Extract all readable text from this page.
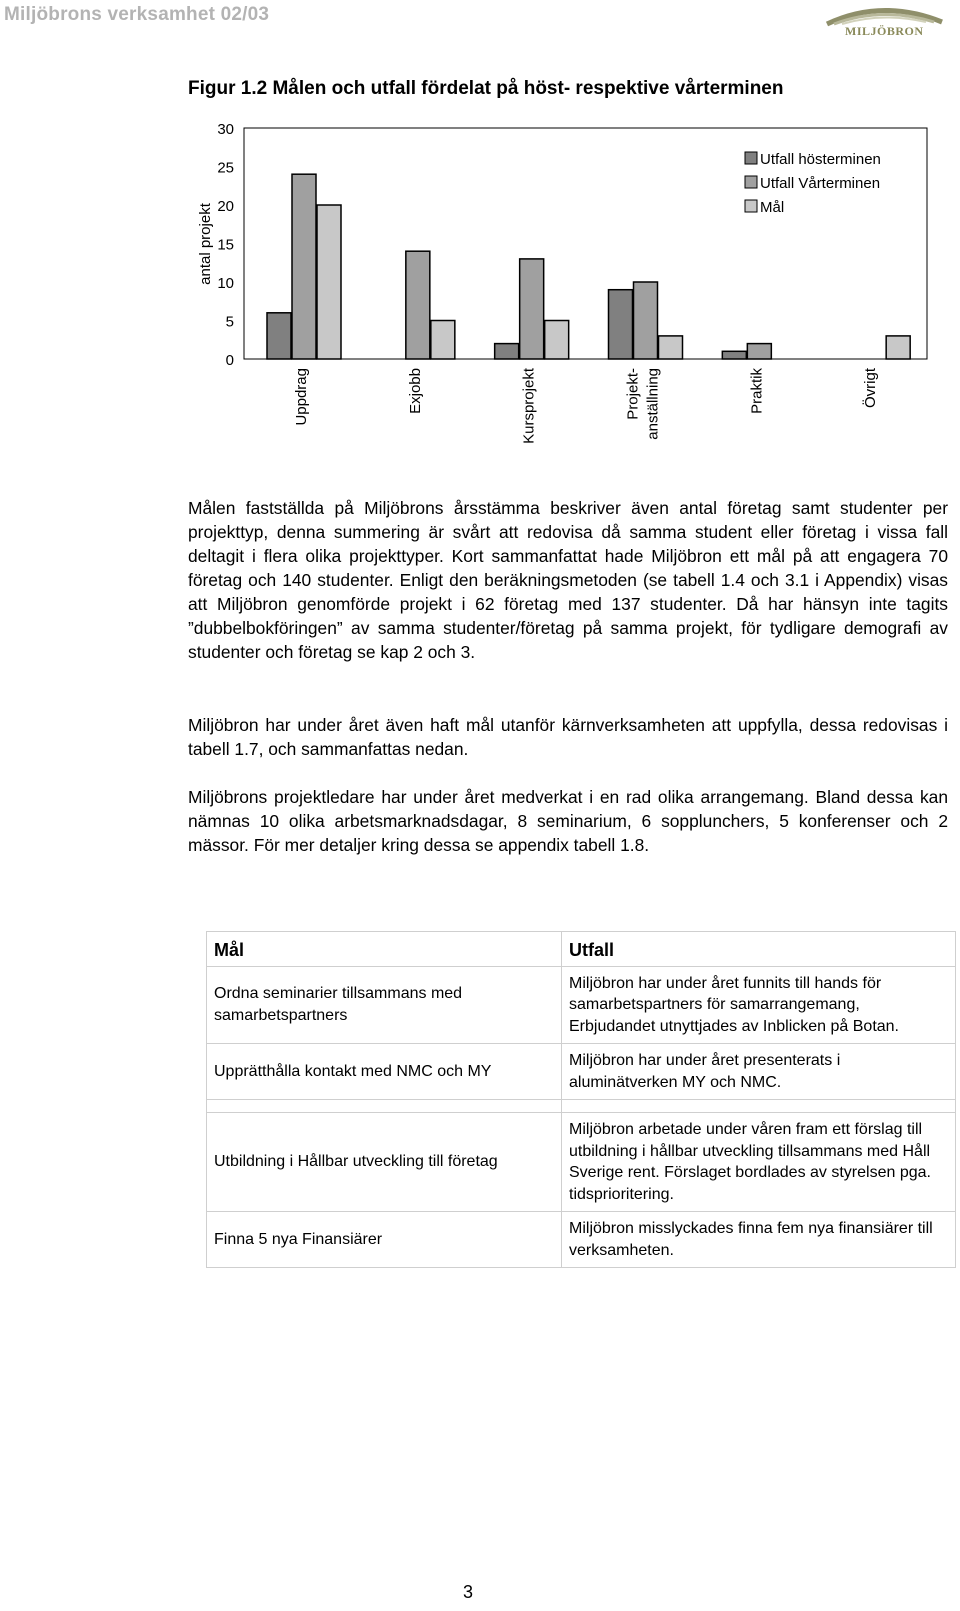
Miljöbrons verksamhet 02/03
MILJÖBRON
Figur 1.2 Målen och utfall fördelat på höst- respektive vårterminen
0
5
10
15
20
25
30
antal projekt
Uppdrag	Exjobb	Kursprojekt	Projekt- anställning	Praktik	Övrigt
Utfall hösterminen
Utfall Vårterminen
Mål
Målen fastställda på Miljöbrons årsstämma beskriver även antal företag samt studenter per projekttyp, denna summering är svårt att redovisa då samma student eller företag i vissa fall deltagit i flera olika projekttyper. Kort sammanfattat hade Miljöbron ett mål på att engagera 70 företag och 140 studenter. Enligt den beräkningsmetoden (se tabell 1.4 och 3.1 i Appendix) visas att Miljöbron genomförde projekt i 62 företag med 137 studenter. Då har hänsyn inte tagits ”dubbelbokföringen” av samma studenter/företag på samma projekt, för tydligare demografi av studenter och företag se kap 2 och 3.
Miljöbron har under året även haft mål utanför kärnverksamheten att uppfylla, dessa redovisas i tabell 1.7, och sammanfattas nedan.
Miljöbrons projektledare har under året medverkat i en rad olika arrangemang. Bland dessa kan nämnas 10 olika arbetsmarknadsdagar, 8 seminarium, 6 sopplunchers, 5 konferenser och 2 mässor. För mer detaljer kring dessa se appendix tabell 1.8.
Mål	Utfall
Ordna seminarier tillsammans med samarbetspartners	Miljöbron har under året funnits till hands för samarbetspartners för samarrangemang, Erbjudandet utnyttjades av Inblicken på Botan.
Upprätthålla kontakt med NMC och MY	Miljöbron har under året presenterats i aluminätverken MY och NMC.

Utbildning i Hållbar utveckling till företag	Miljöbron arbetade under våren fram ett förslag till utbildning i hållbar utveckling tillsammans med Håll Sverige rent. Förslaget bordlades av styrelsen pga. tidsprioritering.
Finna 5 nya Finansiärer	Miljöbron misslyckades finna fem nya finansiärer till verksamheten.
3
